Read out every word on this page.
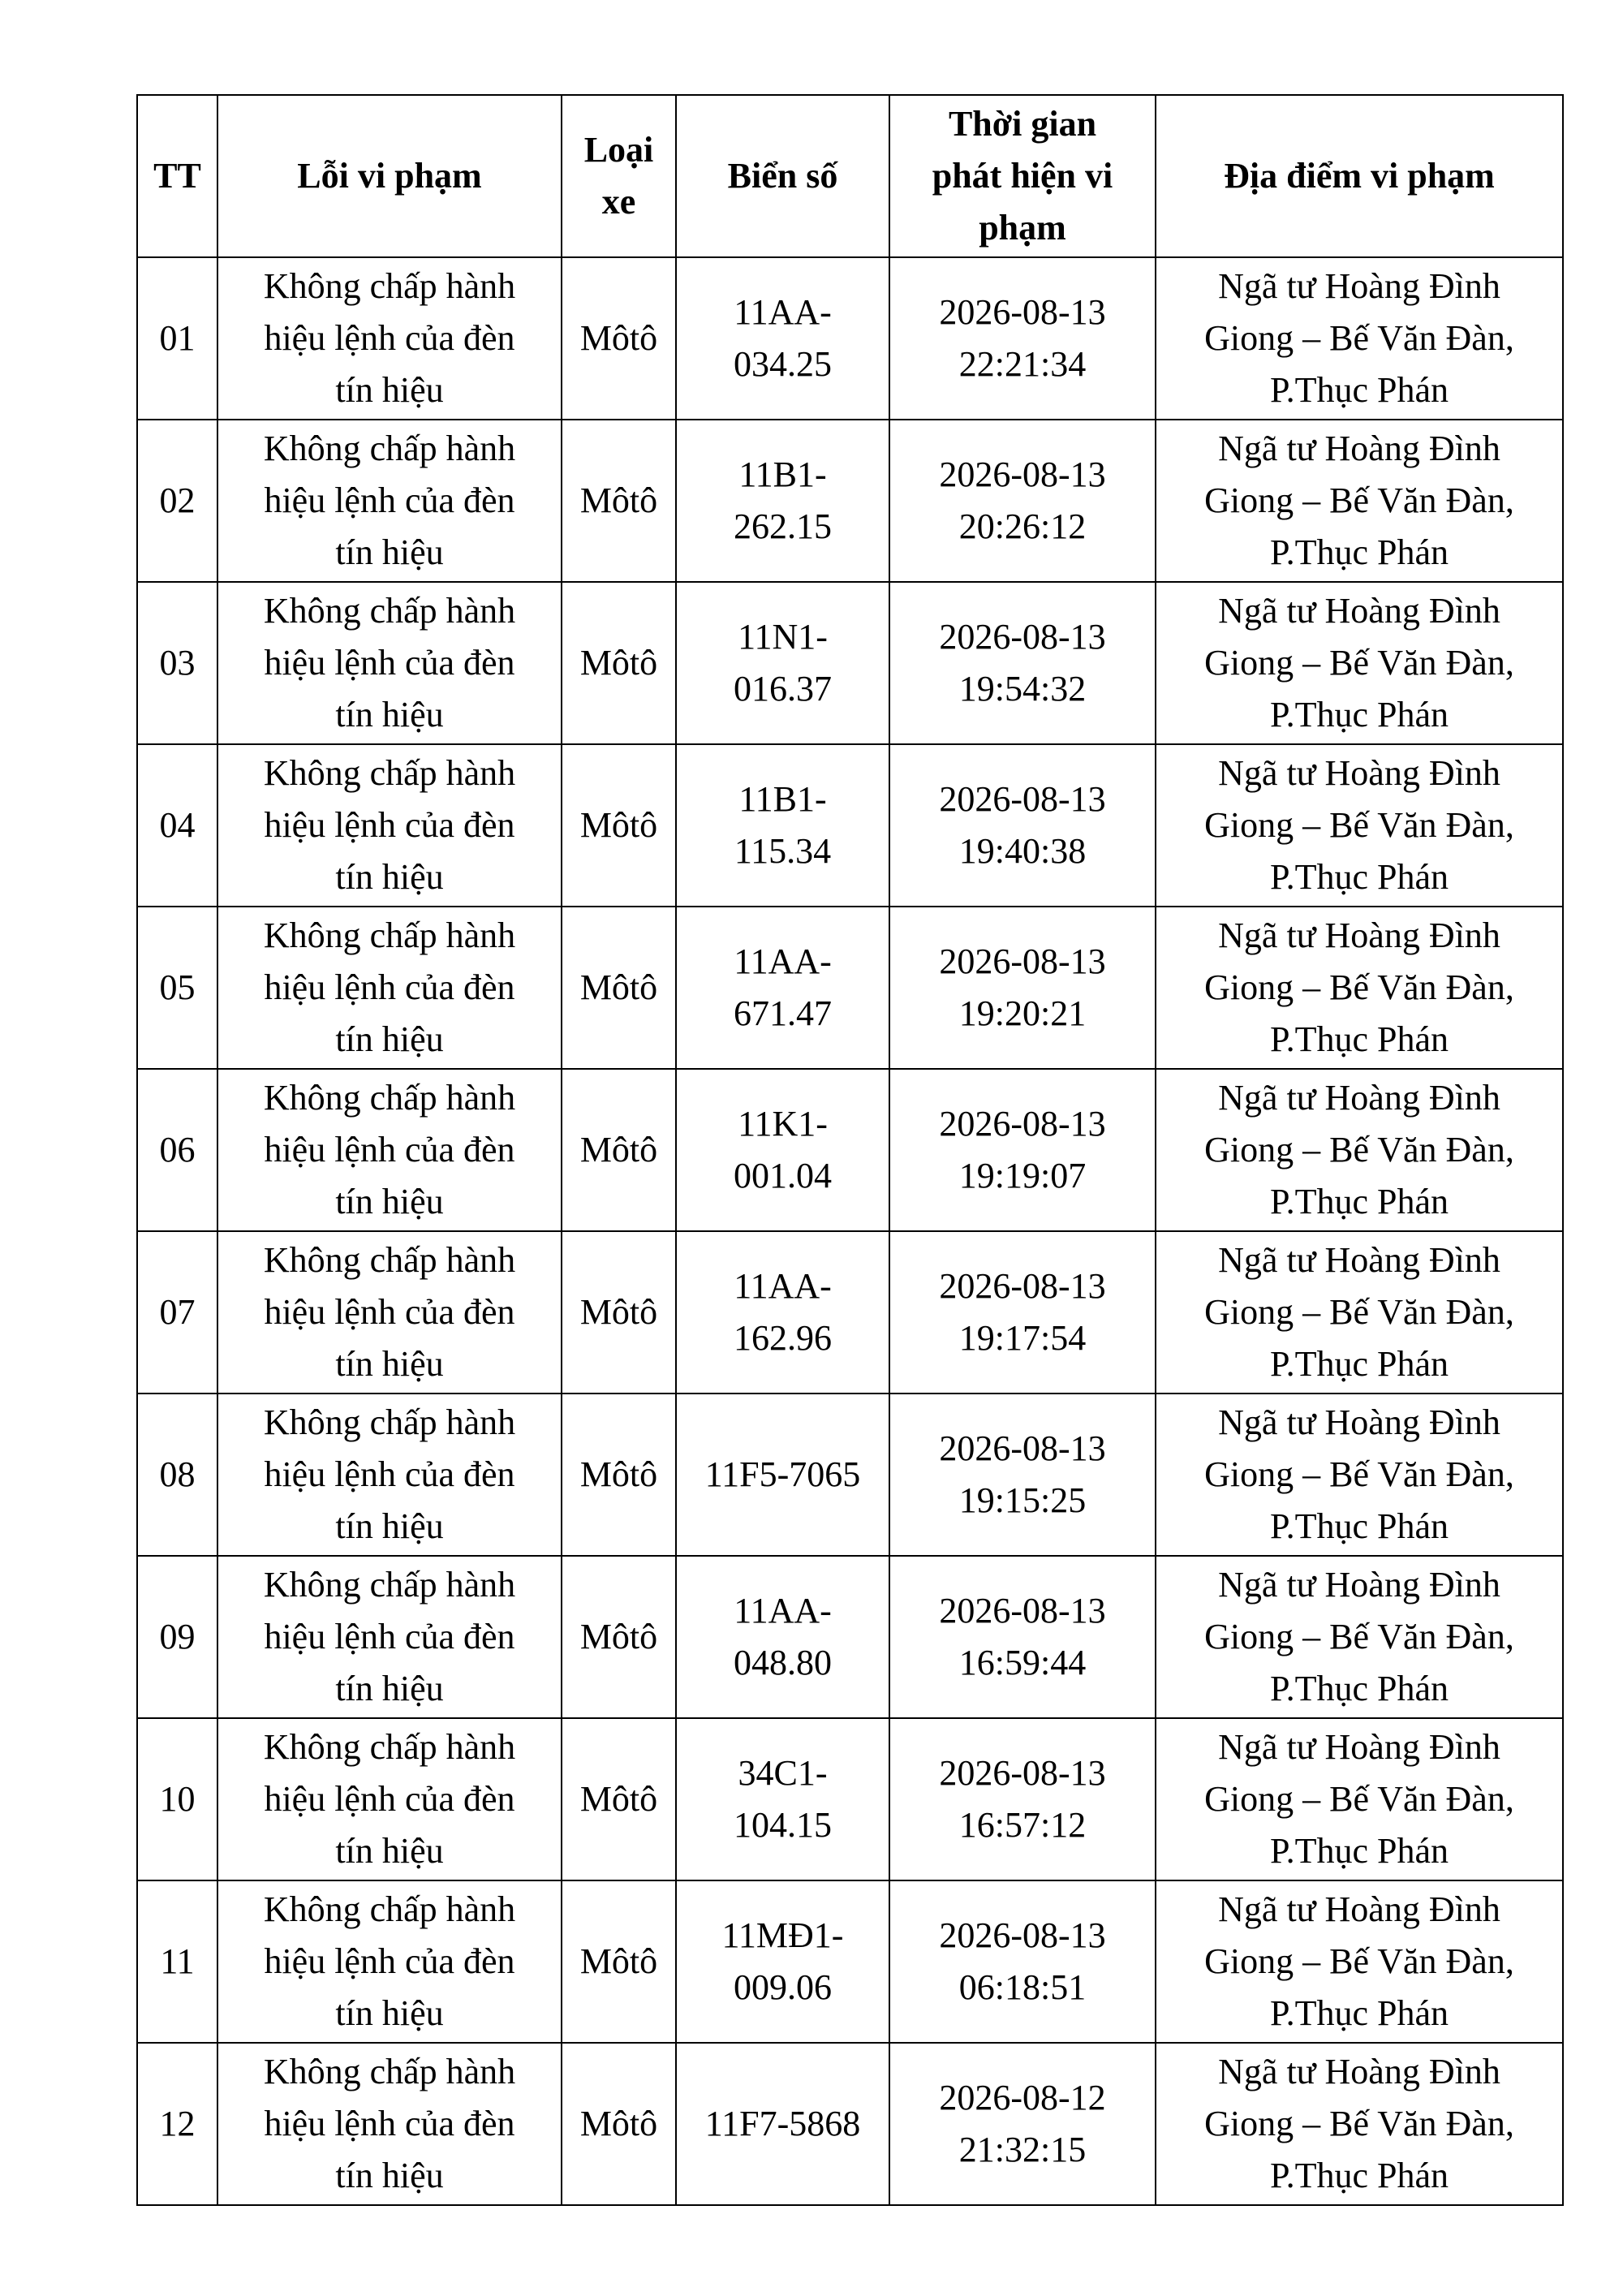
TT	Lỗi vi phạm	Loại
xe	Biển số	Thời gian
phát hiện vi
phạm	Địa điểm vi phạm
01	Không chấp hành
hiệu lệnh của đèn
tín hiệu	Môtô	11AA-
034.25	2026-08-13
22:21:34	Ngã tư Hoàng Đình
Giong – Bế Văn Đàn,
P.Thục Phán
02	Không chấp hành
hiệu lệnh của đèn
tín hiệu	Môtô	11B1-
262.15	2026-08-13
20:26:12	Ngã tư Hoàng Đình
Giong – Bế Văn Đàn,
P.Thục Phán
03	Không chấp hành
hiệu lệnh của đèn
tín hiệu	Môtô	11N1-
016.37	2026-08-13
19:54:32	Ngã tư Hoàng Đình
Giong – Bế Văn Đàn,
P.Thục Phán
04	Không chấp hành
hiệu lệnh của đèn
tín hiệu	Môtô	11B1-
115.34	2026-08-13
19:40:38	Ngã tư Hoàng Đình
Giong – Bế Văn Đàn,
P.Thục Phán
05	Không chấp hành
hiệu lệnh của đèn
tín hiệu	Môtô	11AA-
671.47	2026-08-13
19:20:21	Ngã tư Hoàng Đình
Giong – Bế Văn Đàn,
P.Thục Phán
06	Không chấp hành
hiệu lệnh của đèn
tín hiệu	Môtô	11K1-
001.04	2026-08-13
19:19:07	Ngã tư Hoàng Đình
Giong – Bế Văn Đàn,
P.Thục Phán
07	Không chấp hành
hiệu lệnh của đèn
tín hiệu	Môtô	11AA-
162.96	2026-08-13
19:17:54	Ngã tư Hoàng Đình
Giong – Bế Văn Đàn,
P.Thục Phán
08	Không chấp hành
hiệu lệnh của đèn
tín hiệu	Môtô	11F5-7065	2026-08-13
19:15:25	Ngã tư Hoàng Đình
Giong – Bế Văn Đàn,
P.Thục Phán
09	Không chấp hành
hiệu lệnh của đèn
tín hiệu	Môtô	11AA-
048.80	2026-08-13
16:59:44	Ngã tư Hoàng Đình
Giong – Bế Văn Đàn,
P.Thục Phán
10	Không chấp hành
hiệu lệnh của đèn
tín hiệu	Môtô	34C1-
104.15	2026-08-13
16:57:12	Ngã tư Hoàng Đình
Giong – Bế Văn Đàn,
P.Thục Phán
11	Không chấp hành
hiệu lệnh của đèn
tín hiệu	Môtô	11MĐ1-
009.06	2026-08-13
06:18:51	Ngã tư Hoàng Đình
Giong – Bế Văn Đàn,
P.Thục Phán
12	Không chấp hành
hiệu lệnh của đèn
tín hiệu	Môtô	11F7-5868	2026-08-12
21:32:15	Ngã tư Hoàng Đình
Giong – Bế Văn Đàn,
P.Thục Phán
